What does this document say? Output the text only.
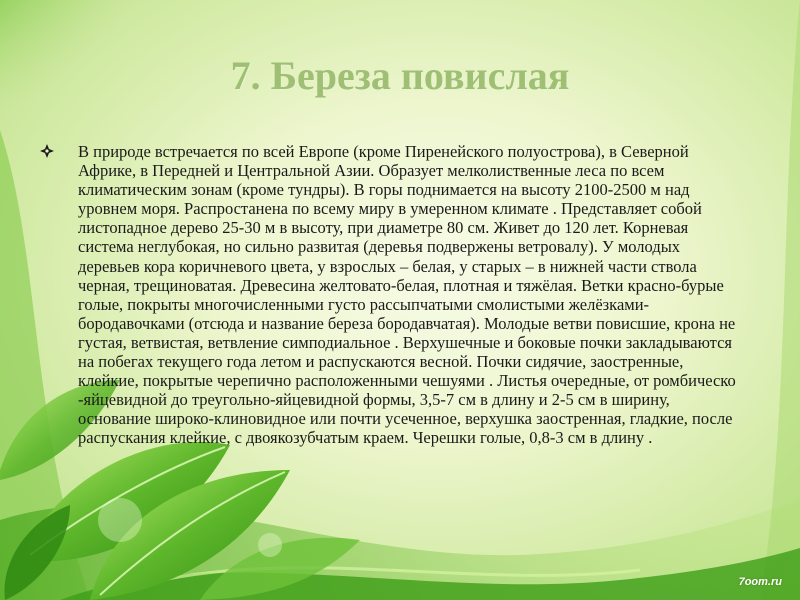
7. Береза повислая
В природе встречается по всей Европе (кроме Пиренейского полуострова), в Северной Африке, в Передней и Центральной Азии. Образует мелколиственные леса по всем климатическим зонам (кроме тундры). В горы поднимается на высоту 2100-2500 м над уровнем моря. Распростанена по всему миру в умеренном климате . Представляет собой листопадное дерево 25-30 м в высоту, при диаметре 80 см. Живет до 120 лет. Корневая система неглубокая, но сильно развитая (деревья подвержены ветровалу). У молодых деревьев кора коричневого цвета, у взрослых – белая, у старых – в нижней части ствола черная, трещиноватая. Древесина желтовато-белая, плотная и тяжёлая. Ветки красно-бурые голые, покрыты многочисленными густо рассыпчатыми смолистыми желёзками-бородавочками (отсюда и название береза бородавчатая). Молодые ветви повисшие, крона не густая, ветвистая, ветвление симподиальное . Верхушечные и боковые почки закладываются на побегах текущего года летом и распускаются весной. Почки сидячие, заостренные, клейкие, покрытые черепично расположенными чешуями . Листья очередные, от ромбическо -яйцевидной до треугольно-яйцевидной формы, 3,5-7 см в длину и 2-5 см в ширину, основание широко-клиновидное или почти усеченное, верхушка заостренная, гладкие, после распускания клейкие, с двоякозубчатым краем. Черешки голые, 0,8-3 см в длину .
7oom.ru
